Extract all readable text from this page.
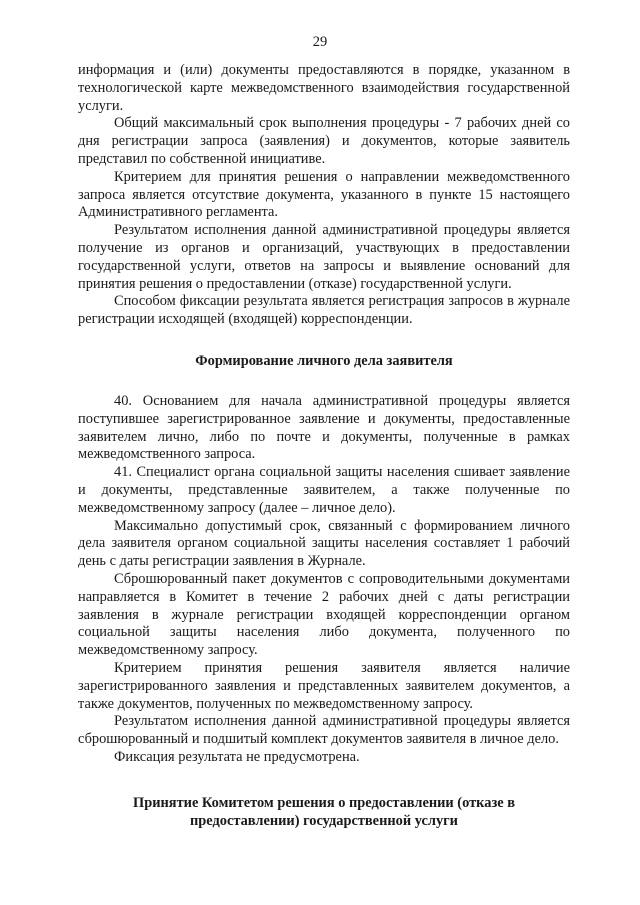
29

информация и (или) документы предоставляются в порядке, указанном в технологической карте межведомственного взаимодействия государственной услуги.

Общий максимальный срок выполнения процедуры - 7 рабочих дней со дня регистрации запроса (заявления) и документов, которые заявитель представил по собственной инициативе.

Критерием для принятия решения о направлении межведомственного запроса является отсутствие документа, указанного в пункте 15 настоящего Административного регламента.

Результатом исполнения данной административной процедуры является получение из органов и организаций, участвующих в предоставлении государственной услуги, ответов на запросы и выявление оснований для принятия решения о предоставлении (отказе) государственной услуги.

Способом фиксации результата является регистрация запросов в журнале регистрации исходящей (входящей) корреспонденции.

Формирование личного дела заявителя

40. Основанием для начала административной процедуры является поступившее зарегистрированное заявление и документы, предоставленные заявителем лично, либо по почте и документы, полученные в рамках межведомственного запроса.

41. Специалист органа социальной защиты населения сшивает заявление и документы, представленные заявителем, а также полученные по межведомственному запросу (далее – личное дело).

Максимально допустимый срок, связанный с формированием личного дела заявителя органом социальной защиты населения составляет 1 рабочий день с даты регистрации заявления в Журнале.

Сброшюрованный пакет документов с сопроводительными документами направляется в Комитет в течение 2 рабочих дней с даты регистрации заявления в журнале регистрации входящей корреспонденции органом социальной защиты населения либо документа, полученного по межведомственному запросу.

Критерием принятия решения заявителя является наличие зарегистрированного заявления и представленных заявителем документов, а также документов, полученных по межведомственному запросу.

Результатом исполнения данной административной процедуры является сброшюрованный и подшитый комплект документов заявителя в личное дело.

Фиксация результата не предусмотрена.

Принятие Комитетом решения о предоставлении (отказе в

предоставлении) государственной услуги
